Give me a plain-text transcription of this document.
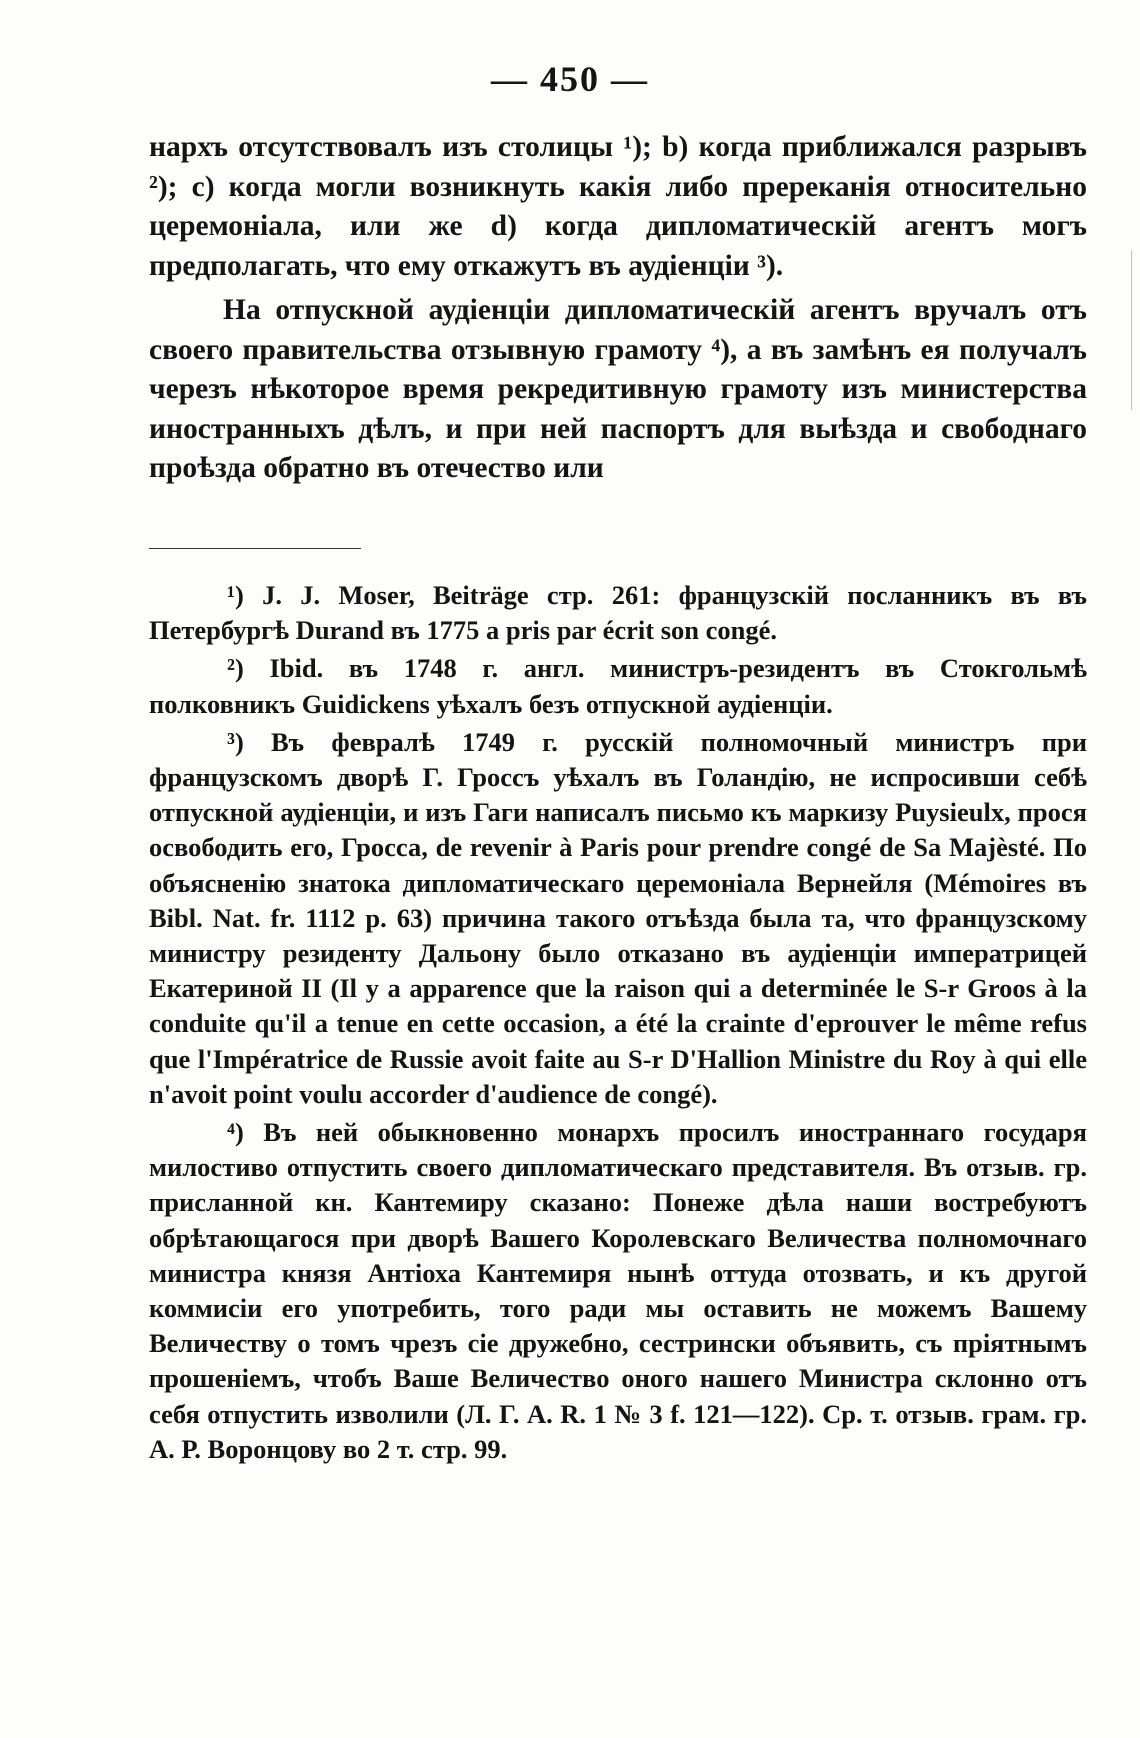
— 450 —

нархъ отсутствовалъ изъ столицы ¹); b) когда приближался разрывъ ²); c) когда могли возникнуть какія либо пререканія относительно церемоніала, или же d) когда дипломатическій агентъ могъ предполагать, что ему откажутъ въ аудіенціи ³).

На отпускной аудіенціи дипломатическій агентъ вручалъ отъ своего правительства отзывную грамоту ⁴), а въ замѣнъ ея получалъ черезъ нѣкоторое время рекредитивную грамоту изъ министерства иностранныхъ дѣлъ, и при ней паспортъ для выѣзда и свободнаго проѣзда обратно въ отечество или

¹) J. J. Moser, Beiträge стр. 261: французскій посланникъ въ въ Петербургѣ Durand въ 1775 a pris par écrit son congé.

²) Ibid. въ 1748 г. англ. министръ-резидентъ въ Стокгольмѣ полковникъ Guidickens уѣхалъ безъ отпускной аудіенціи.

³) Въ февралѣ 1749 г. русскій полномочный министръ при французскомъ дворѣ Г. Гроссъ уѣхалъ въ Голандію, не испросивши себѣ отпускной аудіенціи, и изъ Гаги написалъ письмо къ маркизу Puysieulx, прося освободить его, Гросса, de revenir à Paris pour prendre congé de Sa Majèsté. По объясненію знатока дипломатическаго церемоніала Вернейля (Mémoires въ Bibl. Nat. fr. 1112 p. 63) причина такого отъѣзда была та, что французскому министру резиденту Дальону было отказано въ аудіенціи императрицей Екатериной II (Il y a apparence que la raison qui a determinée le S-r Groos à la conduite qu'il a tenue en cette occasion, a été la crainte d'eprouver le même refus que l'Impératrice de Russie avoit faite au S-r D'Hallion Ministre du Roy à qui elle n'avoit point voulu accorder d'audience de congé).

⁴) Въ ней обыкновенно монархъ просилъ иностраннаго государя милостиво отпустить своего дипломатическаго представителя. Въ отзыв. гр. присланной кн. Кантемиру сказано: Понеже дѣла наши востребуютъ обрѣтающагося при дворѣ Вашего Королевскаго Величества полномочнаго министра князя Антіоха Кантемиря нынѣ оттуда отозвать, и къ другой коммисіи его употребить, того ради мы оставить не можемъ Вашему Величеству о томъ чрезъ сіе дружебно, сестрински объявить, съ пріятнымъ прошеніемъ, чтобъ Ваше Величество оного нашего Министра склонно отъ себя отпустить изволили (Л. Г. А. R. 1 № 3 f. 121—122). Ср. т. отзыв. грам. гр. А. Р. Воронцову во 2 т. стр. 99.
